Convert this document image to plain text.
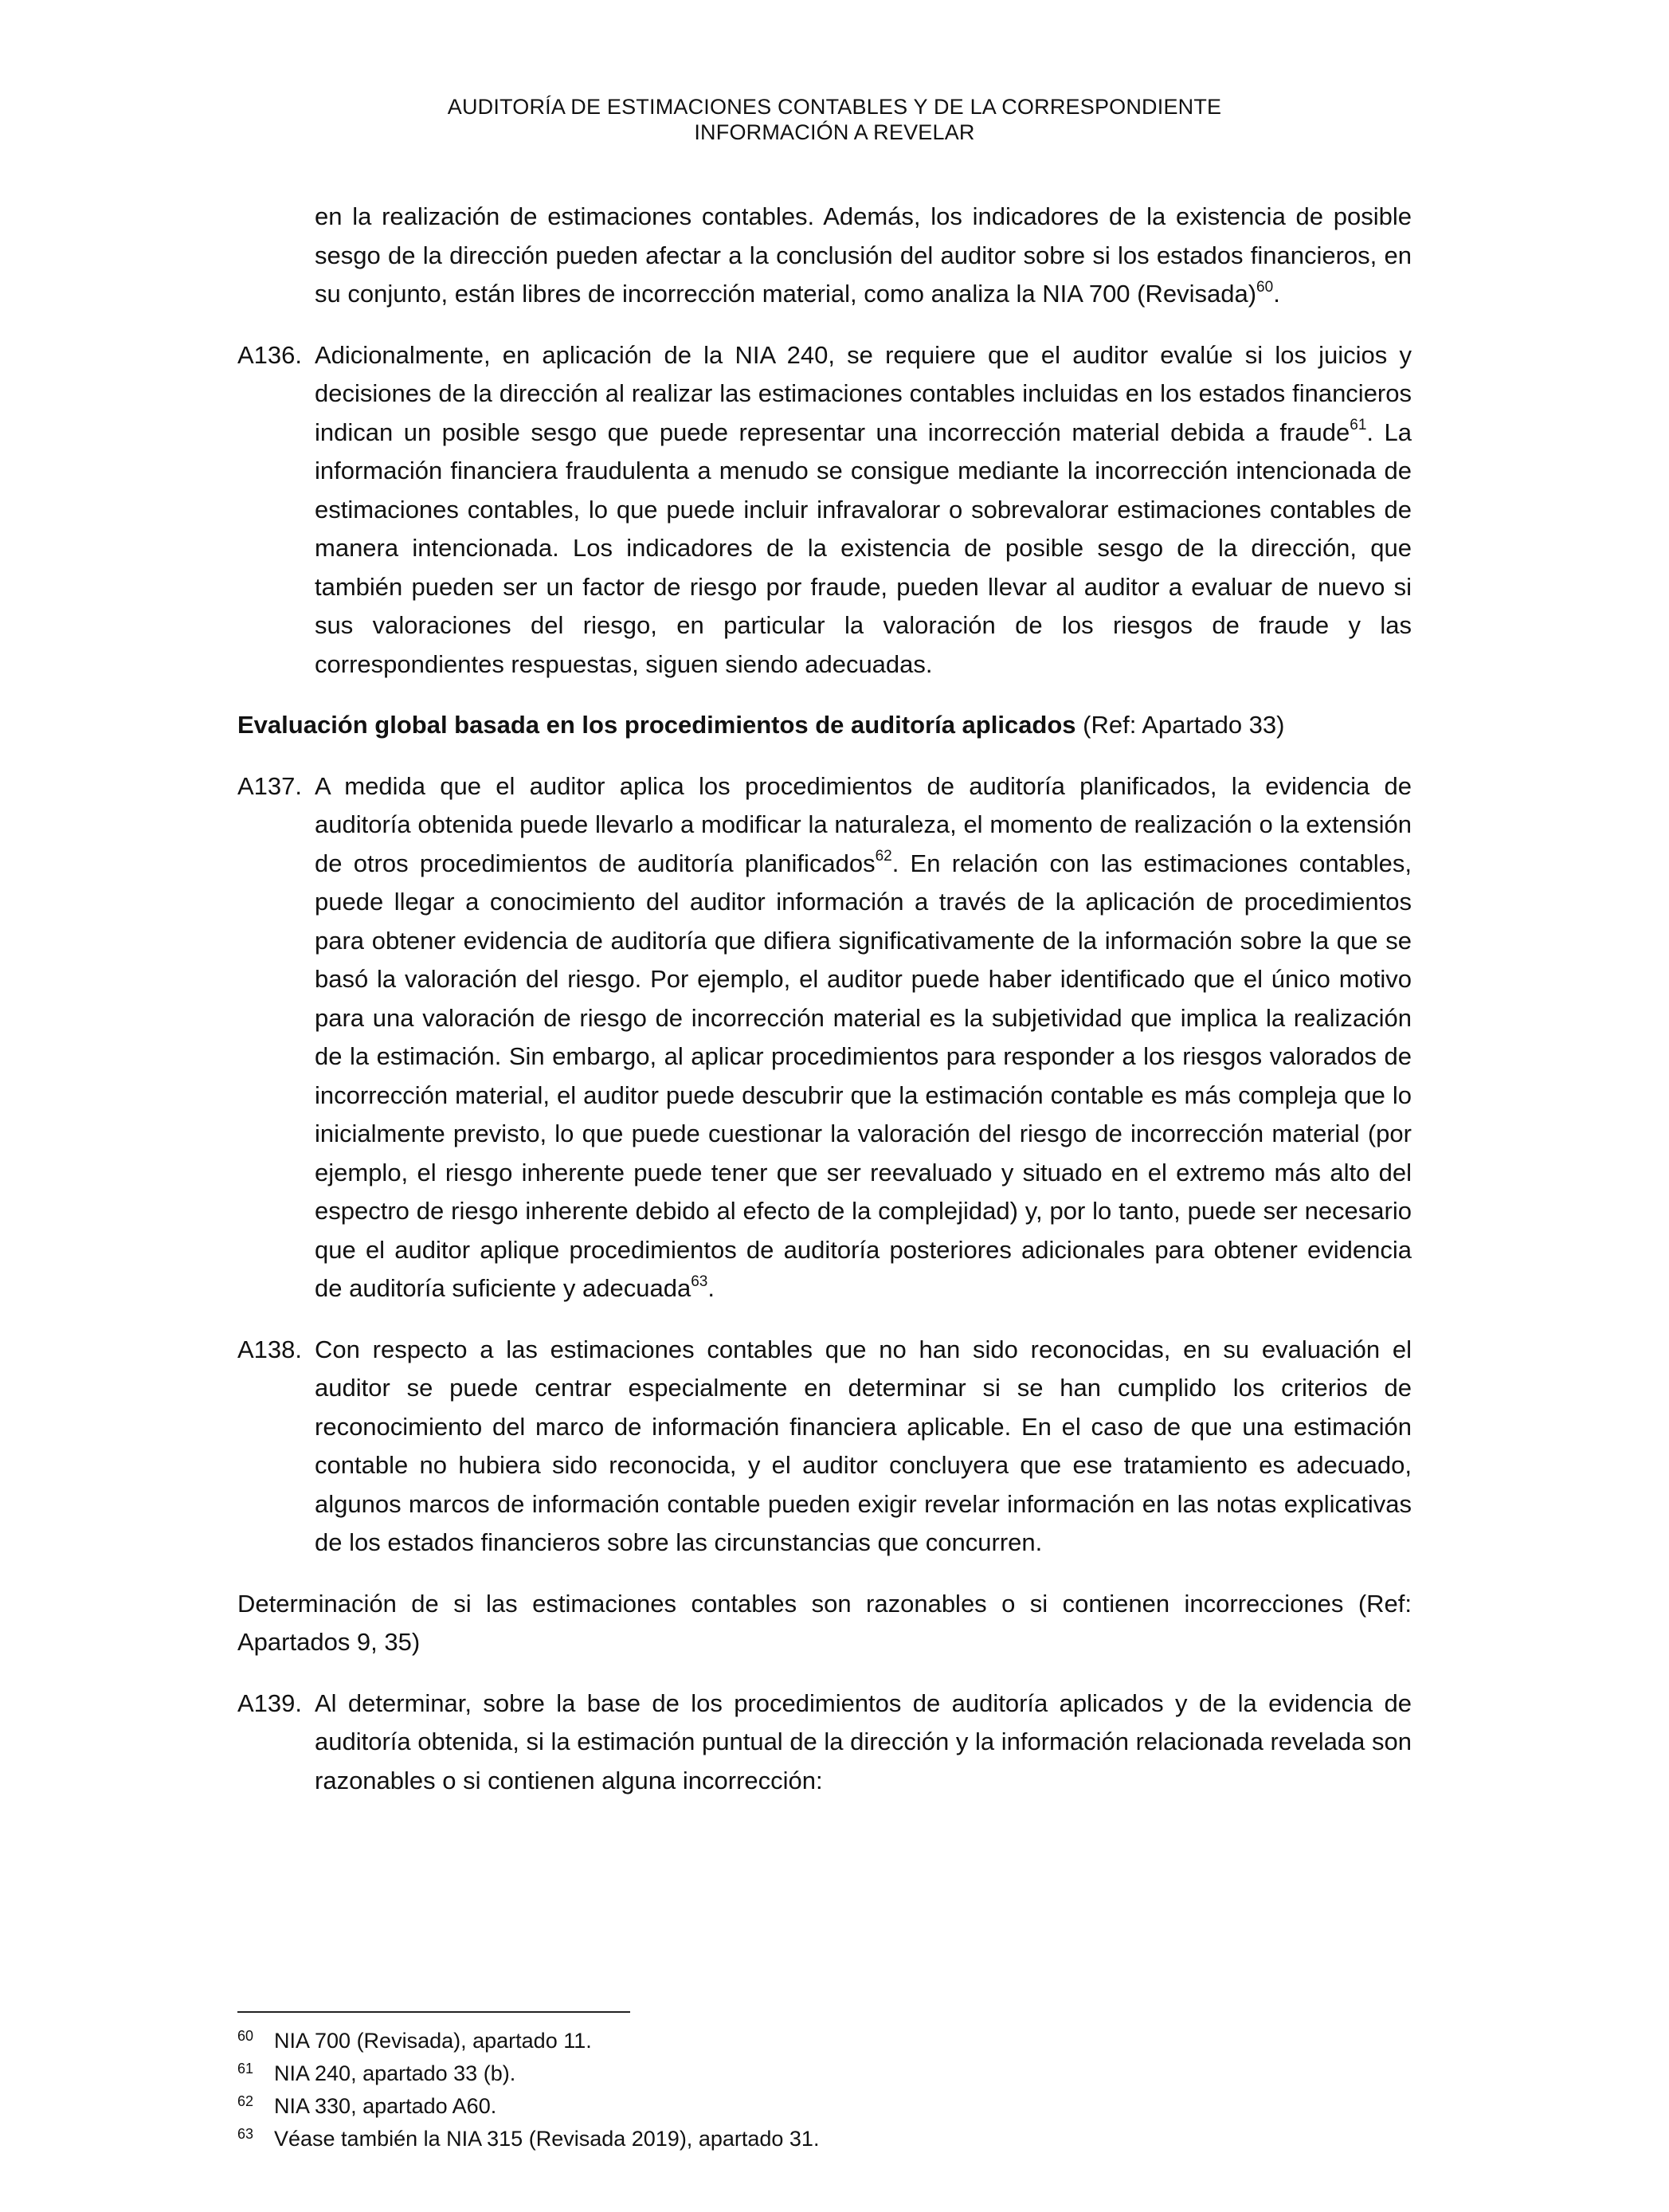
AUDITORÍA DE ESTIMACIONES CONTABLES Y DE LA CORRESPONDIENTE
INFORMACIÓN A REVELAR

en la realización de estimaciones contables. Además, los indicadores de la existencia de posible sesgo de la dirección pueden afectar a la conclusión del auditor sobre si los estados financieros, en su conjunto, están libres de incorrección material, como analiza la NIA 700 (Revisada)$^{60}$.

A136. Adicionalmente, en aplicación de la NIA 240, se requiere que el auditor evalúe si los juicios y decisiones de la dirección al realizar las estimaciones contables incluidas en los estados financieros indican un posible sesgo que puede representar una incorrección material debida a fraude$^{61}$. La información financiera fraudulenta a menudo se consigue mediante la incorrección intencionada de estimaciones contables, lo que puede incluir infravalorar o sobrevalorar estimaciones contables de manera intencionada. Los indicadores de la existencia de posible sesgo de la dirección, que también pueden ser un factor de riesgo por fraude, pueden llevar al auditor a evaluar de nuevo si sus valoraciones del riesgo, en particular la valoración de los riesgos de fraude y las correspondientes respuestas, siguen siendo adecuadas.

Evaluación global basada en los procedimientos de auditoría aplicados (Ref: Apartado 33)

A137. A medida que el auditor aplica los procedimientos de auditoría planificados, la evidencia de auditoría obtenida puede llevarlo a modificar la naturaleza, el momento de realización o la extensión de otros procedimientos de auditoría planificados$^{62}$. En relación con las estimaciones contables, puede llegar a conocimiento del auditor información a través de la aplicación de procedimientos para obtener evidencia de auditoría que difiera significativamente de la información sobre la que se basó la valoración del riesgo. Por ejemplo, el auditor puede haber identificado que el único motivo para una valoración de riesgo de incorrección material es la subjetividad que implica la realización de la estimación. Sin embargo, al aplicar procedimientos para responder a los riesgos valorados de incorrección material, el auditor puede descubrir que la estimación contable es más compleja que lo inicialmente previsto, lo que puede cuestionar la valoración del riesgo de incorrección material (por ejemplo, el riesgo inherente puede tener que ser reevaluado y situado en el extremo más alto del espectro de riesgo inherente debido al efecto de la complejidad) y, por lo tanto, puede ser necesario que el auditor aplique procedimientos de auditoría posteriores adicionales para obtener evidencia de auditoría suficiente y adecuada$^{63}$.

A138. Con respecto a las estimaciones contables que no han sido reconocidas, en su evaluación el auditor se puede centrar especialmente en determinar si se han cumplido los criterios de reconocimiento del marco de información financiera aplicable. En el caso de que una estimación contable no hubiera sido reconocida, y el auditor concluyera que ese tratamiento es adecuado, algunos marcos de información contable pueden exigir revelar información en las notas explicativas de los estados financieros sobre las circunstancias que concurren.

Determinación de si las estimaciones contables son razonables o si contienen incorrecciones (Ref: Apartados 9, 35)

A139. Al determinar, sobre la base de los procedimientos de auditoría aplicados y de la evidencia de auditoría obtenida, si la estimación puntual de la dirección y la información relacionada revelada son razonables o si contienen alguna incorrección:

60 NIA 700 (Revisada), apartado 11.
61 NIA 240, apartado 33 (b).
62 NIA 330, apartado A60.
63 Véase también la NIA 315 (Revisada 2019), apartado 31.
